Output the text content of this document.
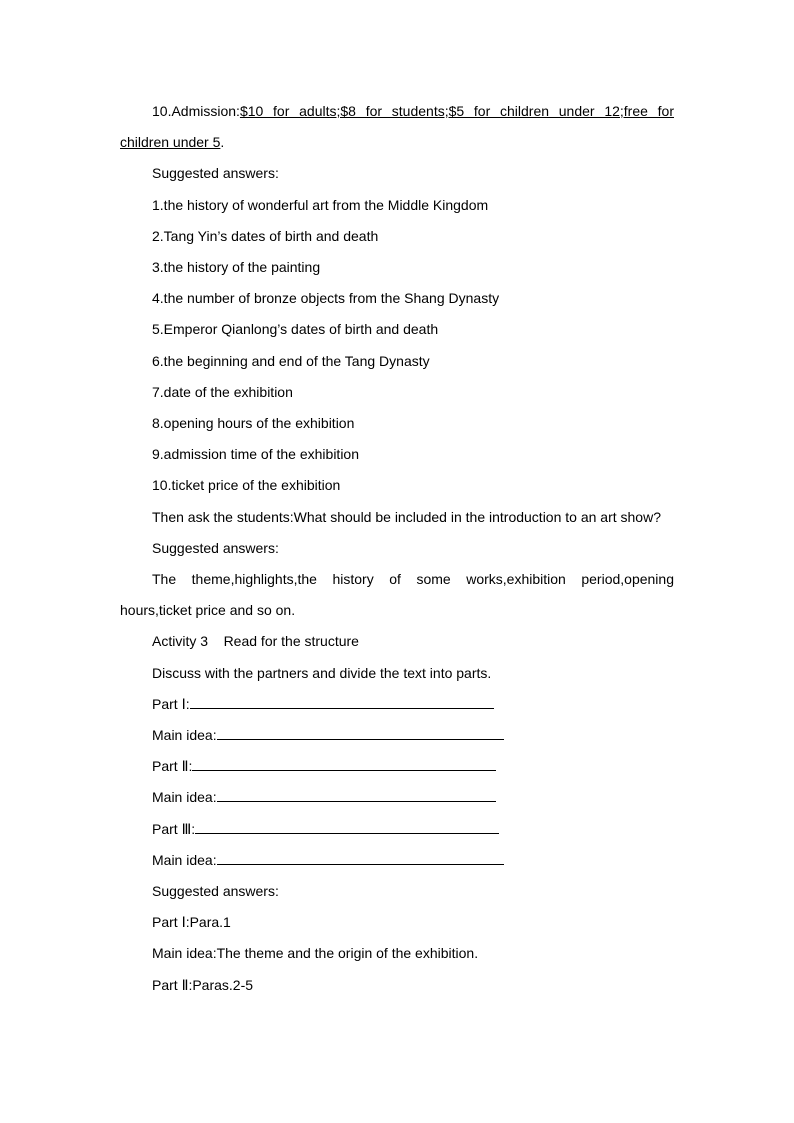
10.Admission:$10 for adults;$8 for students;$5 for children under 12;free for children under 5.

Suggested answers:

1.the history of wonderful art from the Middle Kingdom

2.Tang Yin’s dates of birth and death

3.the history of the painting

4.the number of bronze objects from the Shang Dynasty

5.Emperor Qianlong’s dates of birth and death

6.the beginning and end of the Tang Dynasty

7.date of the exhibition

8.opening hours of the exhibition

9.admission time of the exhibition

10.ticket price of the exhibition

Then ask the students:What should be included in the introduction to an art show?

Suggested answers:

The theme,highlights,the history of some works,exhibition period,opening hours,ticket price and so on.

Activity 3    Read for the structure

Discuss with the partners and divide the text into parts.

Part Ⅰ:

Main idea:

Part Ⅱ:

Main idea:

Part Ⅲ:

Main idea:

Suggested answers:

Part Ⅰ:Para.1

Main idea:The theme and the origin of the exhibition.

Part Ⅱ:Paras.2-5
